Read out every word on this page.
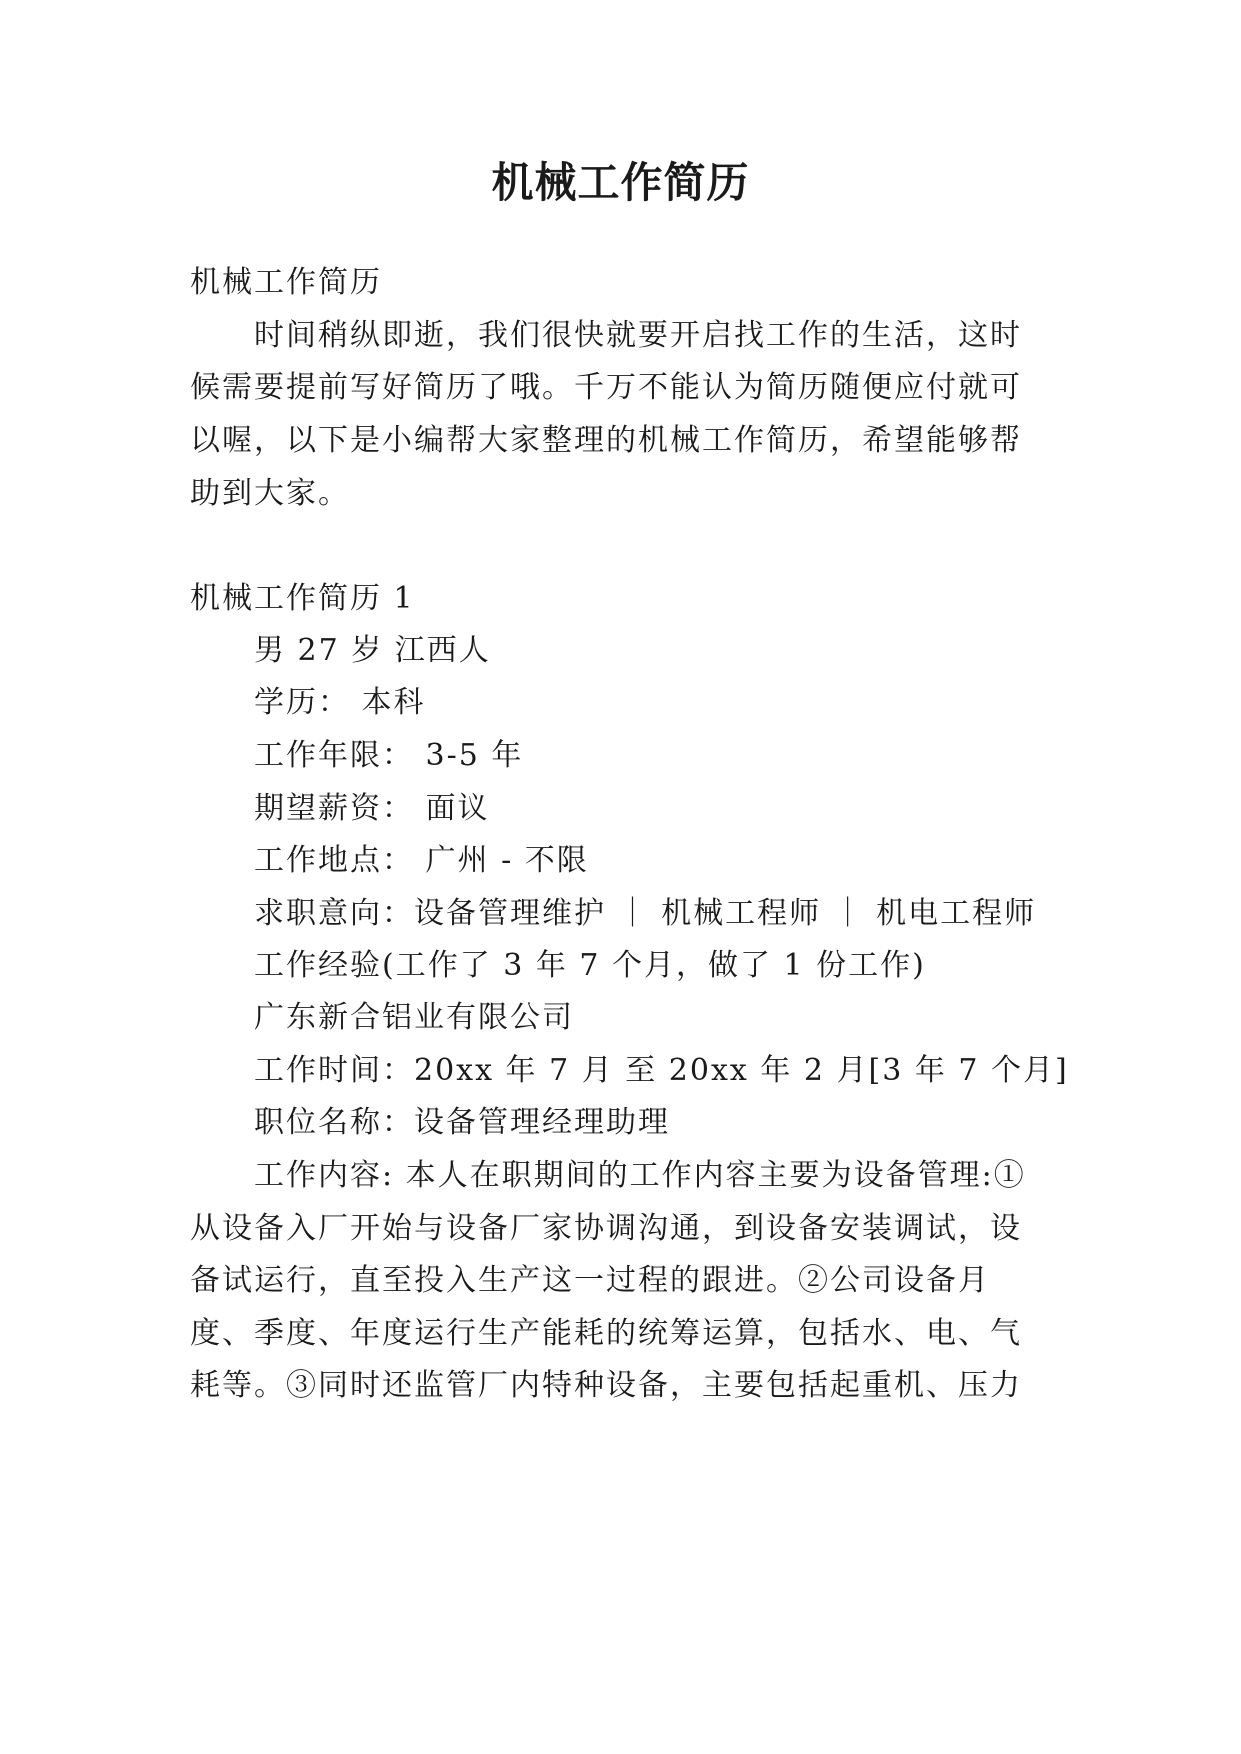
机械工作简历
机械工作简历
时间稍纵即逝，我们很快就要开启找工作的生活，这时
候需要提前写好简历了哦。千万不能认为简历随便应付就可
以喔，以下是小编帮大家整理的机械工作简历，希望能够帮
助到大家。
机械工作简历 1
男 27 岁 江西人
学历： 本科
工作年限： 3-5 年
期望薪资： 面议
工作地点： 广州 - 不限
求职意向：设备管理维护 ｜ 机械工程师 ｜ 机电工程师
工作经验(工作了 3 年 7 个月，做了 1 份工作)
广东新合铝业有限公司
工作时间：20xx 年 7 月 至 20xx 年 2 月[3 年 7 个月]
职位名称：设备管理经理助理
工作内容: 本人在职期间的工作内容主要为设备管理:①
从设备入厂开始与设备厂家协调沟通，到设备安装调试，设
备试运行，直至投入生产这一过程的跟进。②公司设备月
度、季度、年度运行生产能耗的统筹运算，包括水、电、气
耗等。③同时还监管厂内特种设备，主要包括起重机、压力
